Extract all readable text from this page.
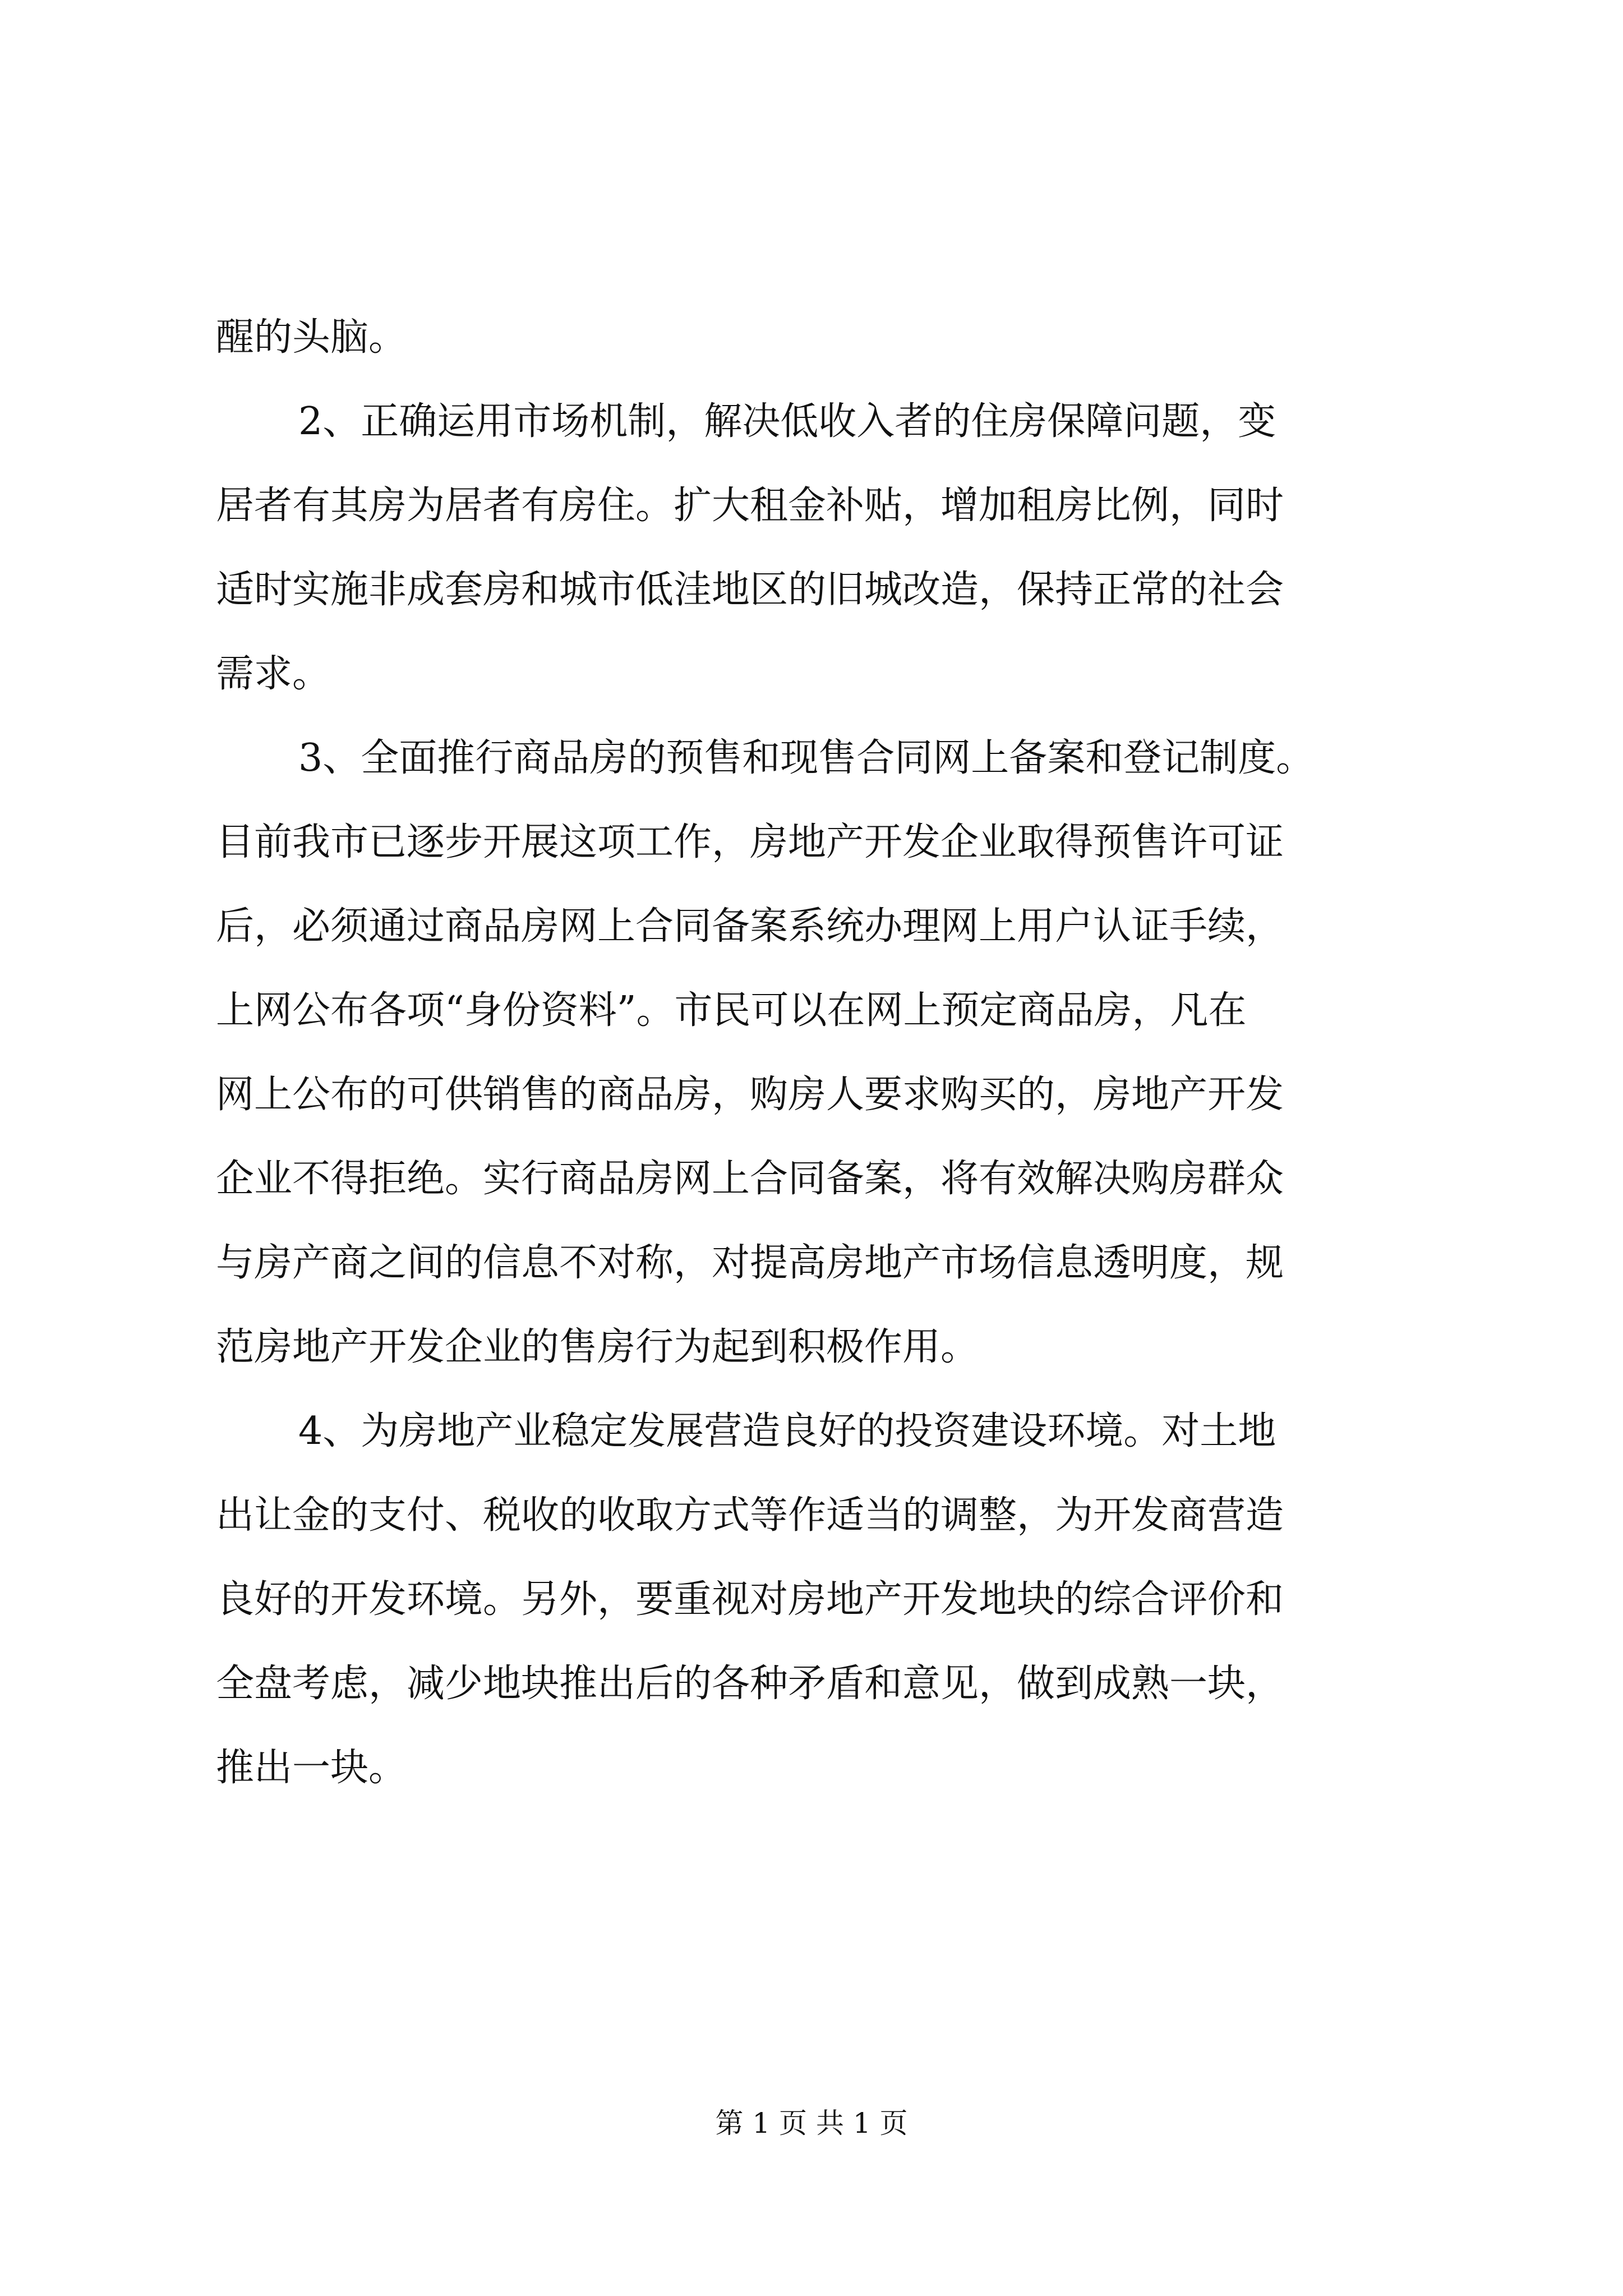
醒的头脑。
2、正确运用市场机制，解决低收入者的住房保障问题，变
居者有其房为居者有房住。扩大租金补贴，增加租房比例，同时
适时实施非成套房和城市低洼地区的旧城改造，保持正常的社会
需求。
3、全面推行商品房的预售和现售合同网上备案和登记制度。
目前我市已逐步开展这项工作，房地产开发企业取得预售许可证
后，必须通过商品房网上合同备案系统办理网上用户认证手续，
上网公布各项“身份资料”。市民可以在网上预定商品房，凡在
网上公布的可供销售的商品房，购房人要求购买的，房地产开发
企业不得拒绝。实行商品房网上合同备案，将有效解决购房群众
与房产商之间的信息不对称，对提高房地产市场信息透明度，规
范房地产开发企业的售房行为起到积极作用。
4、为房地产业稳定发展营造良好的投资建设环境。对土地
出让金的支付、税收的收取方式等作适当的调整，为开发商营造
良好的开发环境。另外，要重视对房地产开发地块的综合评价和
全盘考虑，减少地块推出后的各种矛盾和意见，做到成熟一块，
推出一块。
第 1 页 共 1 页
